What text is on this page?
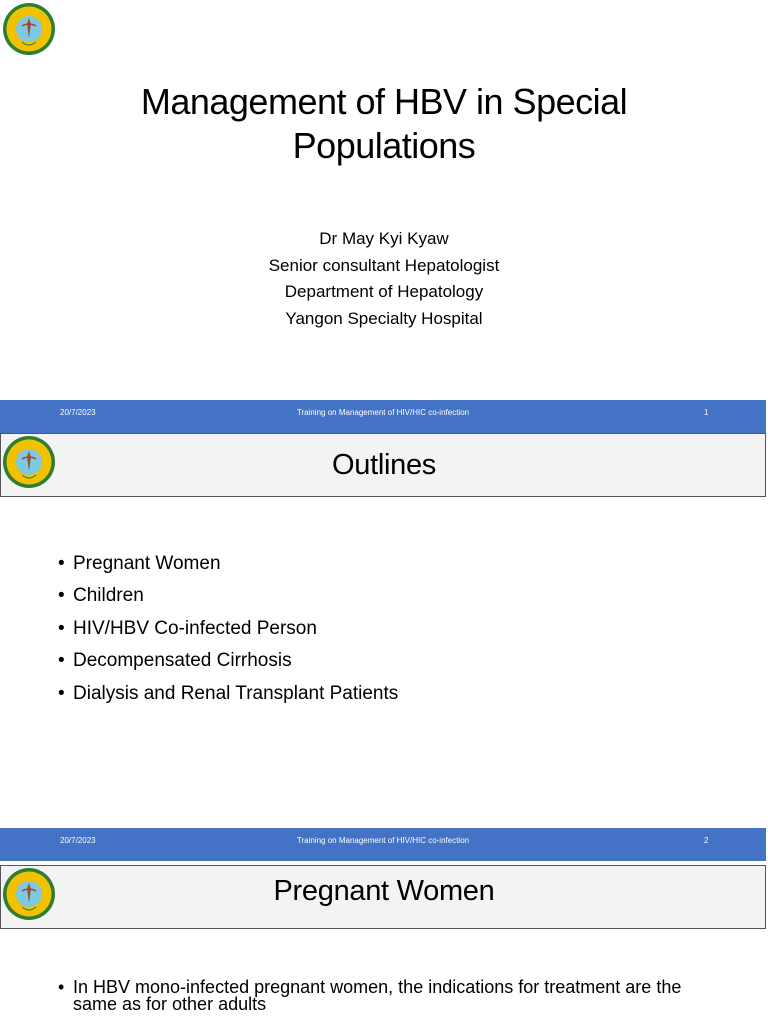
Management of HBV in Special Populations
Dr May Kyi Kyaw
Senior consultant Hepatologist
Department of Hepatology
Yangon Specialty Hospital
20/7/2023	Training on Management of HIV/HIC co-infection	1
Outlines
• Pregnant Women
• Children
• HIV/HBV Co-infected Person
• Decompensated Cirrhosis
• Dialysis and Renal Transplant Patients
20/7/2023	Training on Management of HIV/HIC co-infection	2
Pregnant Women
• In HBV mono-infected pregnant women, the indications for treatment are the same as for other adults
